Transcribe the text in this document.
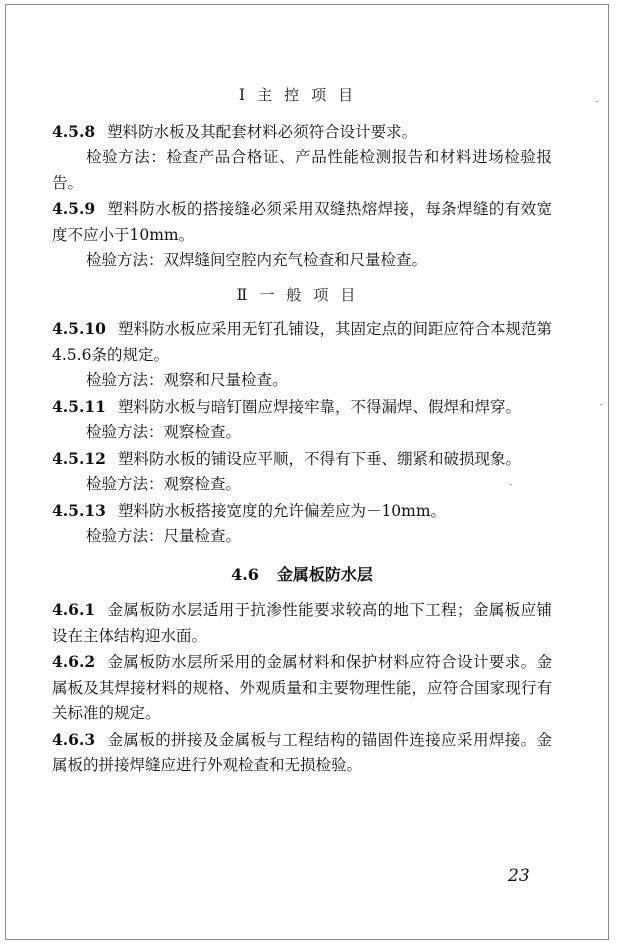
Ⅰ 主控项目

4.5.8 塑料防水板及其配套材料必须符合设计要求。

检验方法：检查产品合格证、产品性能检测报告和材料进场检验报告。

4.5.9 塑料防水板的搭接缝必须采用双缝热熔焊接，每条焊缝的有效宽度不应小于10mm。

检验方法：双焊缝间空腔内充气检查和尺量检查。

Ⅱ 一般项目

4.5.10 塑料防水板应采用无钉孔铺设，其固定点的间距应符合本规范第4.5.6条的规定。

检验方法：观察和尺量检查。

4.5.11 塑料防水板与暗钉圈应焊接牢靠，不得漏焊、假焊和焊穿。

检验方法：观察检查。

4.5.12 塑料防水板的铺设应平顺，不得有下垂、绷紧和破损现象。

检验方法：观察检查。

4.5.13 塑料防水板搭接宽度的允许偏差应为－10mm。

检验方法：尺量检查。

4.6 金属板防水层

4.6.1 金属板防水层适用于抗渗性能要求较高的地下工程；金属板应铺设在主体结构迎水面。

4.6.2 金属板防水层所采用的金属材料和保护材料应符合设计要求。金属板及其焊接材料的规格、外观质量和主要物理性能，应符合国家现行有关标准的规定。

4.6.3 金属板的拼接及金属板与工程结构的锚固件连接应采用焊接。金属板的拼接焊缝应进行外观检查和无损检验。

23
